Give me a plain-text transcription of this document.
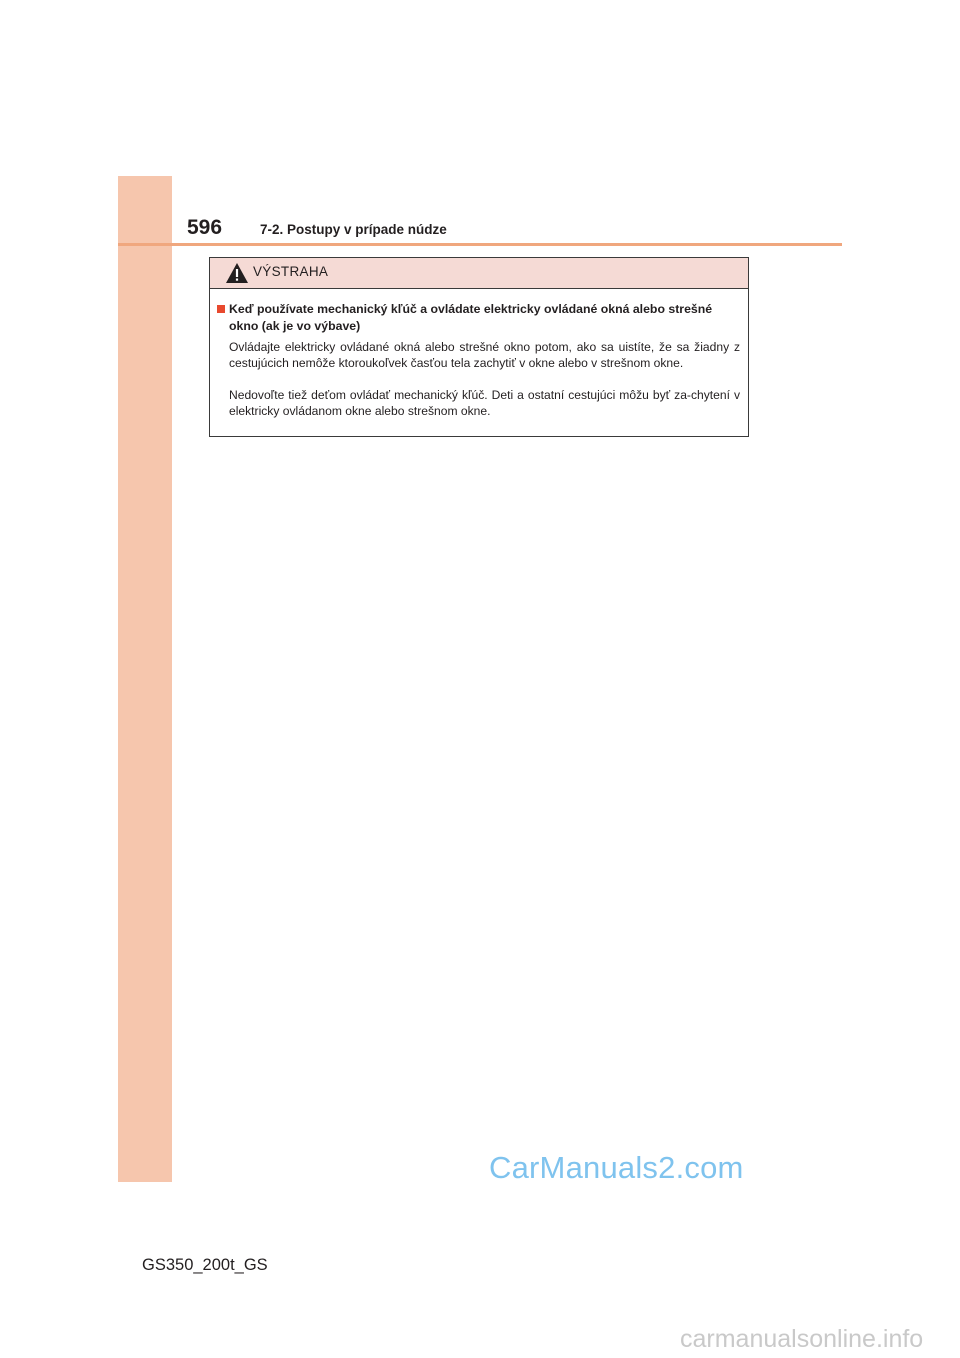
596	7-2. Postupy v prípade núdze
VÝSTRAHA
Keď používate mechanický kľúč a ovládate elektricky ovládané okná alebo strešné okno (ak je vo výbave)
Ovládajte elektricky ovládané okná alebo strešné okno potom, ako sa uistíte, že sa žiadny z cestujúcich nemôže ktoroukoľvek časťou tela zachytiť v okne alebo v strešnom okne.
Nedovoľte tiež deťom ovládať mechanický kľúč. Deti a ostatní cestujúci môžu byť za-chytení v elektricky ovládanom okne alebo strešnom okne.
CarManuals2.com
GS350_200t_GS
carmanualsonline.info
